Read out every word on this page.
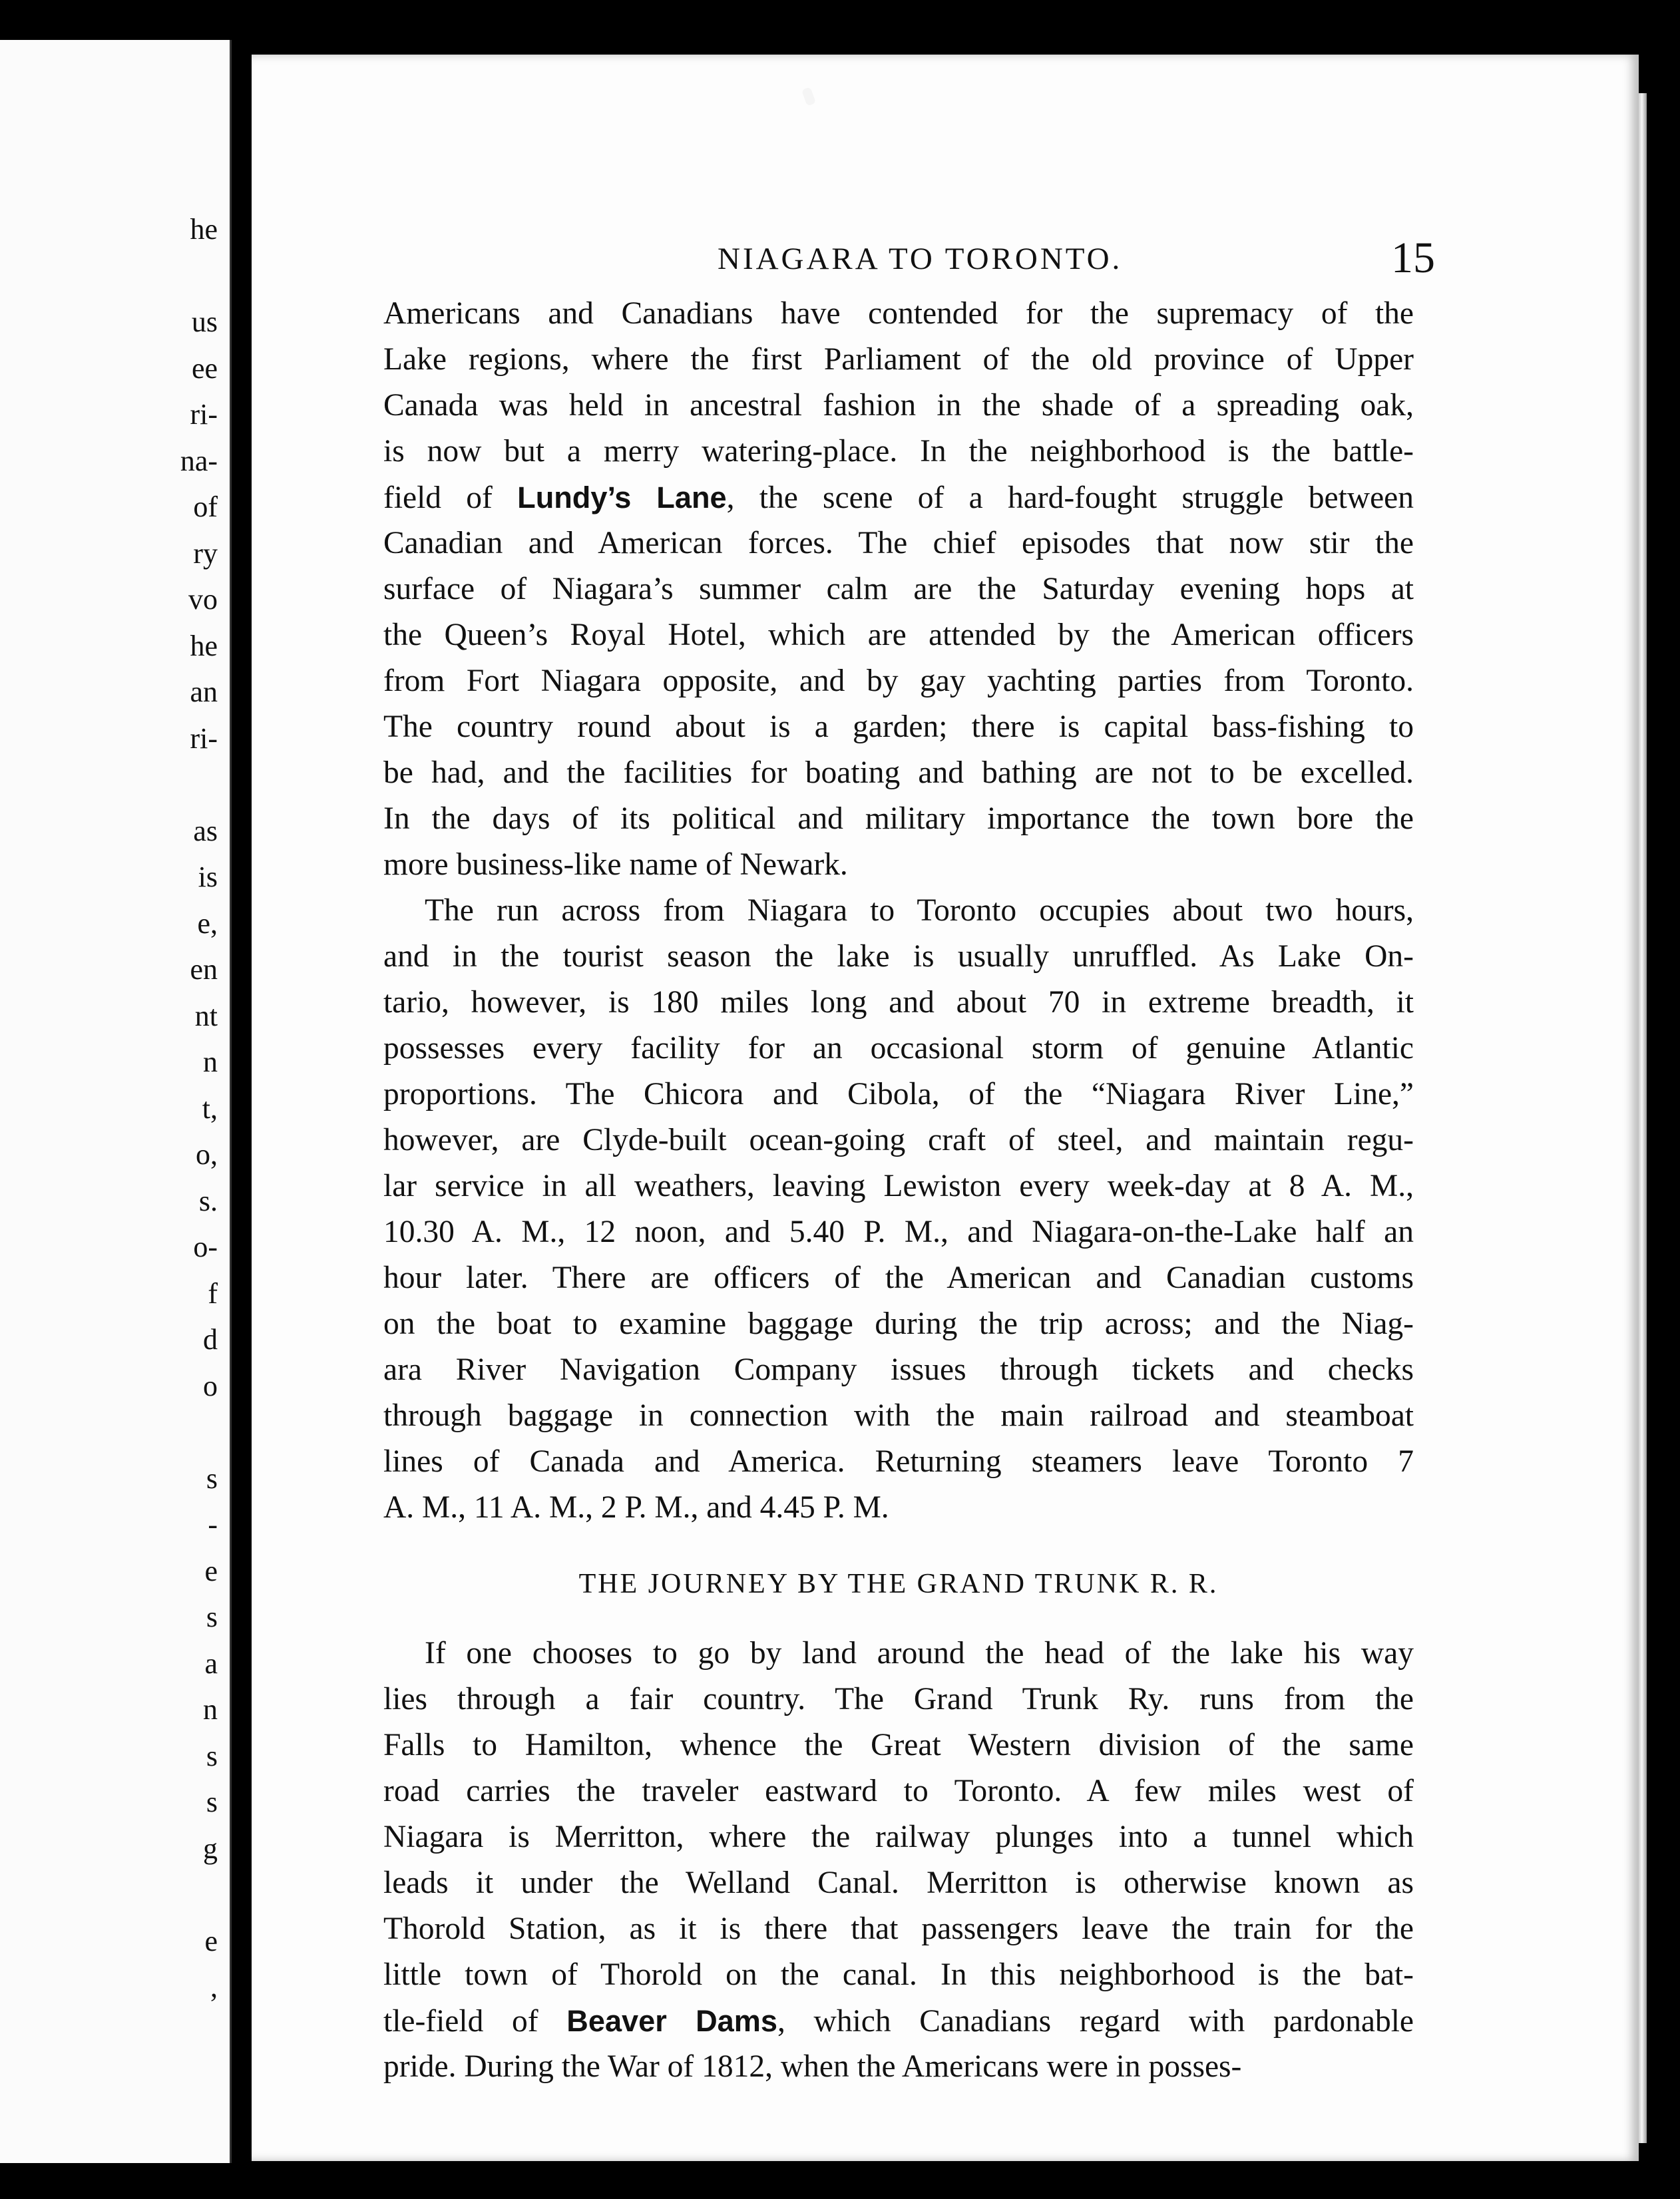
he
us
ee
ri-
na-
of
ry
vo
he
an
ri-
as
is
e,
en
nt
n
t,
o,
s.
o-
f
d
o
s
-
e
s
a
n
s
s
g
e
,
NIAGARA TO TORONTO.	15
Americans and Canadians have contended for the supremacy of the
Lake regions, where the first Parliament of the old province of Upper
Canada was held in ancestral fashion in the shade of a spreading oak,
is now but a merry watering-place. In the neighborhood is the battle-
field of Lundy’s Lane, the scene of a hard-fought struggle between
Canadian and American forces. The chief episodes that now stir the
surface of Niagara’s summer calm are the Saturday evening hops at
the Queen’s Royal Hotel, which are attended by the American officers
from Fort Niagara opposite, and by gay yachting parties from Toronto.
The country round about is a garden; there is capital bass-fishing to
be had, and the facilities for boating and bathing are not to be excelled.
In the days of its political and military importance the town bore the
more business-like name of Newark.
The run across from Niagara to Toronto occupies about two hours,
and in the tourist season the lake is usually unruffled. As Lake On-
tario, however, is 180 miles long and about 70 in extreme breadth, it
possesses every facility for an occasional storm of genuine Atlantic
proportions. The Chicora and Cibola, of the “Niagara River Line,”
however, are Clyde-built ocean-going craft of steel, and maintain regu-
lar service in all weathers, leaving Lewiston every week-day at 8 A. M.,
10.30 A. M., 12 noon, and 5.40 P. M., and Niagara-on-the-Lake half an
hour later. There are officers of the American and Canadian customs
on the boat to examine baggage during the trip across; and the Niag-
ara River Navigation Company issues through tickets and checks
through baggage in connection with the main railroad and steamboat
lines of Canada and America. Returning steamers leave Toronto 7
A. M., 11 A. M., 2 P. M., and 4.45 P. M.
THE JOURNEY BY THE GRAND TRUNK R. R.
If one chooses to go by land around the head of the lake his way
lies through a fair country. The Grand Trunk Ry. runs from the
Falls to Hamilton, whence the Great Western division of the same
road carries the traveler eastward to Toronto. A few miles west of
Niagara is Merritton, where the railway plunges into a tunnel which
leads it under the Welland Canal. Merritton is otherwise known as
Thorold Station, as it is there that passengers leave the train for the
little town of Thorold on the canal. In this neighborhood is the bat-
tle-field of Beaver Dams, which Canadians regard with pardonable
pride. During the War of 1812, when the Americans were in posses-
